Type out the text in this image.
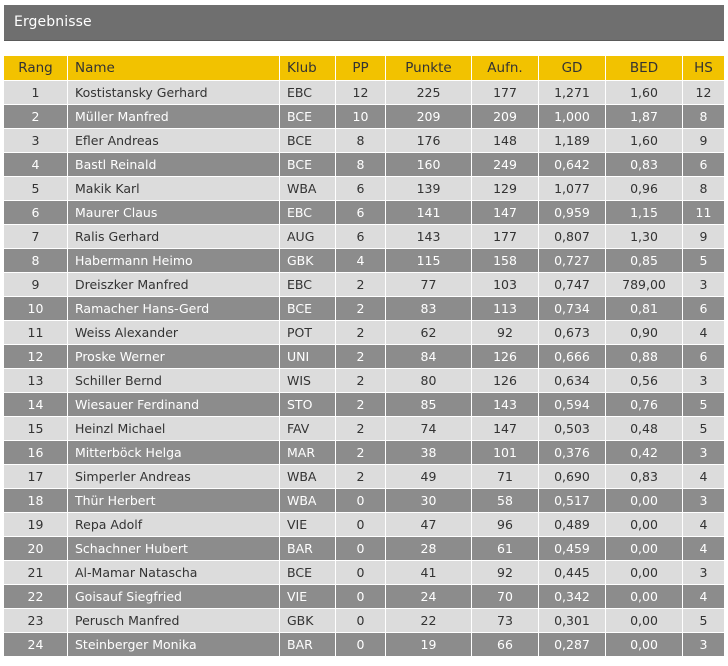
Ergebnisse
Rang	Name	Klub	PP	Punkte	Aufn.	GD	BED	HS
1	Kostistansky Gerhard	EBC	12	225	177	1,271	1,60	12
2	Müller Manfred	BCE	10	209	209	1,000	1,87	8
3	Efler Andreas	BCE	8	176	148	1,189	1,60	9
4	Bastl Reinald	BCE	8	160	249	0,642	0,83	6
5	Makik Karl	WBA	6	139	129	1,077	0,96	8
6	Maurer Claus	EBC	6	141	147	0,959	1,15	11
7	Ralis Gerhard	AUG	6	143	177	0,807	1,30	9
8	Habermann Heimo	GBK	4	115	158	0,727	0,85	5
9	Dreiszker Manfred	EBC	2	77	103	0,747	789,00	3
10	Ramacher Hans-Gerd	BCE	2	83	113	0,734	0,81	6
11	Weiss Alexander	POT	2	62	92	0,673	0,90	4
12	Proske Werner	UNI	2	84	126	0,666	0,88	6
13	Schiller Bernd	WIS	2	80	126	0,634	0,56	3
14	Wiesauer Ferdinand	STO	2	85	143	0,594	0,76	5
15	Heinzl Michael	FAV	2	74	147	0,503	0,48	5
16	Mitterböck Helga	MAR	2	38	101	0,376	0,42	3
17	Simperler Andreas	WBA	2	49	71	0,690	0,83	4
18	Thür Herbert	WBA	0	30	58	0,517	0,00	3
19	Repa Adolf	VIE	0	47	96	0,489	0,00	4
20	Schachner Hubert	BAR	0	28	61	0,459	0,00	4
21	Al-Mamar Natascha	BCE	0	41	92	0,445	0,00	3
22	Goisauf Siegfried	VIE	0	24	70	0,342	0,00	4
23	Perusch Manfred	GBK	0	22	73	0,301	0,00	5
24	Steinberger Monika	BAR	0	19	66	0,287	0,00	3
